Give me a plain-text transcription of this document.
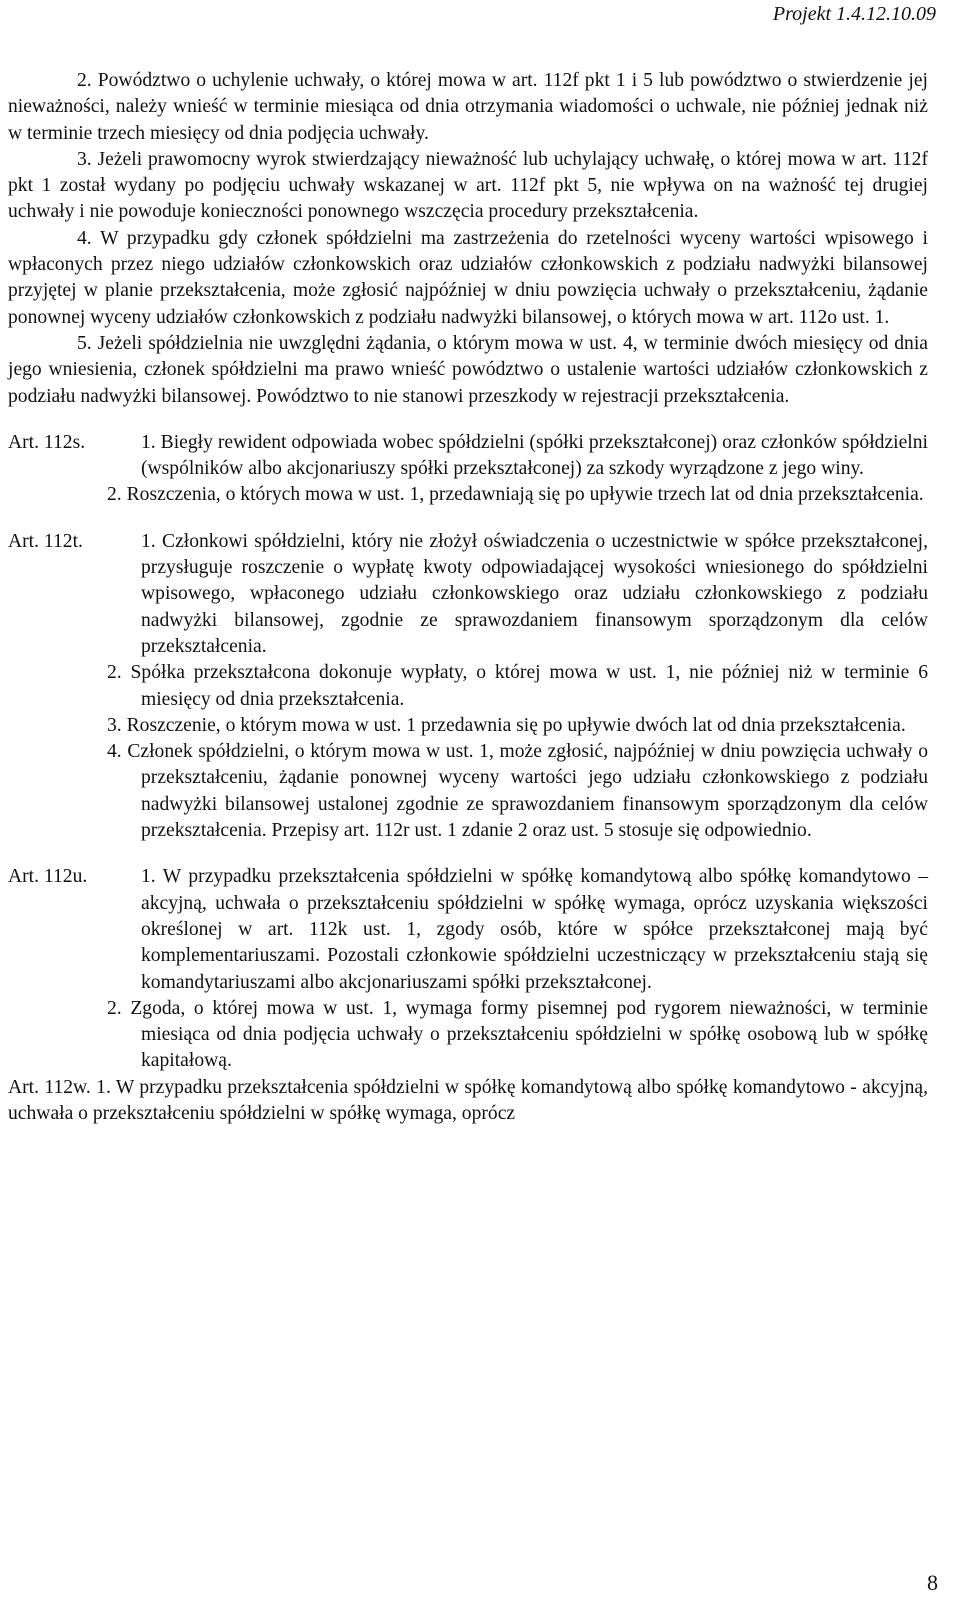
Projekt 1.4.12.10.09

2. Powództwo o uchylenie uchwały, o której mowa w art. 112f pkt 1 i 5 lub powództwo o stwierdzenie jej nieważności, należy wnieść w terminie miesiąca od dnia otrzymania wiadomości o uchwale, nie później jednak niż w terminie trzech miesięcy od dnia podjęcia uchwały.

3. Jeżeli prawomocny wyrok stwierdzający nieważność lub uchylający uchwałę, o której mowa w art. 112f pkt 1 został wydany po podjęciu uchwały wskazanej w art. 112f pkt 5, nie wpływa on na ważność tej drugiej uchwały i nie powoduje konieczności ponownego wszczęcia procedury przekształcenia.

4. W przypadku gdy członek spółdzielni ma zastrzeżenia do rzetelności wyceny wartości wpisowego i wpłaconych przez niego udziałów członkowskich oraz udziałów członkowskich z podziału nadwyżki bilansowej przyjętej w planie przekształcenia, może zgłosić najpóźniej w dniu powzięcia uchwały o przekształceniu, żądanie ponownej wyceny udziałów członkowskich z podziału nadwyżki bilansowej, o których mowa w art. 112o ust. 1.

5. Jeżeli spółdzielnia nie uwzględni żądania, o którym mowa w ust. 4, w terminie dwóch miesięcy od dnia jego wniesienia, członek spółdzielni ma prawo wnieść powództwo o ustalenie wartości udziałów członkowskich z podziału nadwyżki bilansowej. Powództwo to nie stanowi przeszkody w rejestracji przekształcenia.

Art. 112s.	1. Biegły rewident odpowiada wobec spółdzielni (spółki przekształconej) oraz członków spółdzielni (wspólników albo akcjonariuszy spółki przekształconej) za szkody wyrządzone z jego winy.

2. Roszczenia, o których mowa w ust. 1, przedawniają się po upływie trzech lat od dnia przekształcenia.

Art. 112t.	1. Członkowi spółdzielni, który nie złożył oświadczenia o uczestnictwie w spółce przekształconej, przysługuje roszczenie o wypłatę kwoty odpowiadającej wysokości wniesionego do spółdzielni wpisowego, wpłaconego udziału członkowskiego oraz udziału członkowskiego z podziału nadwyżki bilansowej, zgodnie ze sprawozdaniem finansowym sporządzonym dla celów przekształcenia.

2. Spółka przekształcona dokonuje wypłaty, o której mowa w ust. 1, nie później niż w terminie 6 miesięcy od dnia przekształcenia.

3. Roszczenie, o którym mowa w ust. 1 przedawnia się po upływie dwóch lat od dnia przekształcenia.

4. Członek spółdzielni, o którym mowa w ust. 1, może zgłosić, najpóźniej w dniu powzięcia uchwały o przekształceniu, żądanie ponownej wyceny wartości jego udziału członkowskiego z podziału nadwyżki bilansowej ustalonej zgodnie ze sprawozdaniem finansowym sporządzonym dla celów przekształcenia. Przepisy art. 112r ust. 1 zdanie 2 oraz ust. 5 stosuje się odpowiednio.

Art. 112u.	1. W przypadku przekształcenia spółdzielni w spółkę komandytową albo spółkę komandytowo – akcyjną, uchwała o przekształceniu spółdzielni w spółkę wymaga, oprócz uzyskania większości określonej w art. 112k ust. 1, zgody osób, które w spółce przekształconej mają być komplementariuszami. Pozostali członkowie spółdzielni uczestniczący w przekształceniu stają się komandytariuszami albo akcjonariuszami spółki przekształconej.

2. Zgoda, o której mowa w ust. 1, wymaga formy pisemnej pod rygorem nieważności, w terminie miesiąca od dnia podjęcia uchwały o przekształceniu spółdzielni w spółkę osobową lub w spółkę kapitałową.

Art. 112w. 1. W przypadku przekształcenia spółdzielni w spółkę komandytową albo spółkę komandytowo - akcyjną, uchwała o przekształceniu spółdzielni w spółkę wymaga, oprócz

8
